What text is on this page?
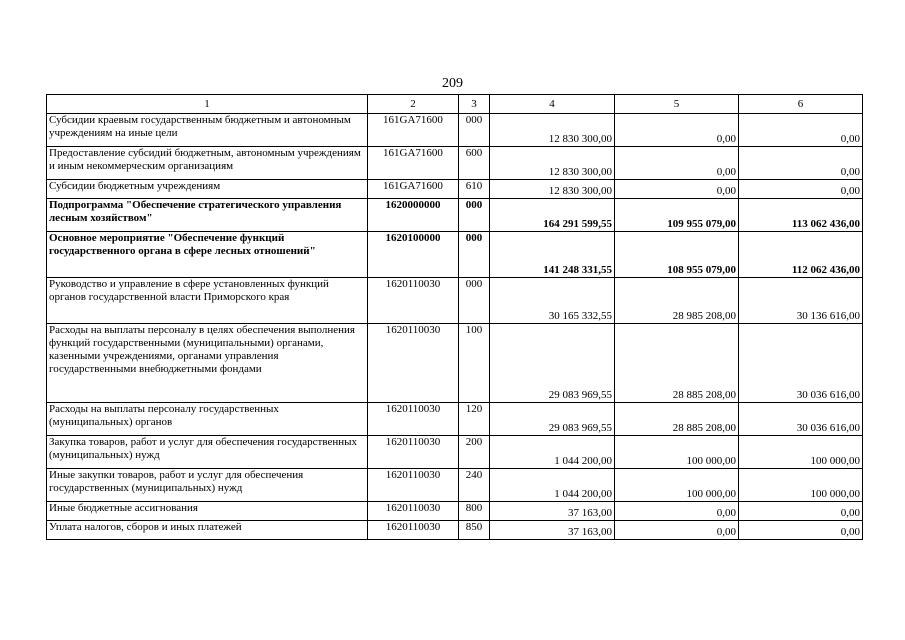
209
1	2	3	4	5	6
Субсидии краевым государственным бюджетным и автономным учреждениям на иные цели	161GA71600	000	12 830 300,00	0,00	0,00
Предоставление субсидий бюджетным, автономным учреждениям и иным некоммерческим организациям	161GA71600	600	12 830 300,00	0,00	0,00
Субсидии бюджетным учреждениям	161GA71600	610	12 830 300,00	0,00	0,00
Подпрограмма "Обеспечение стратегического управления лесным хозяйством"	1620000000	000	164 291 599,55	109 955 079,00	113 062 436,00
Основное мероприятие "Обеспечение функций государственного органа в сфере лесных отношений"	1620100000	000	141 248 331,55	108 955 079,00	112 062 436,00
Руководство и управление в сфере установленных функций органов государственной власти Приморского края	1620110030	000	30 165 332,55	28 985 208,00	30 136 616,00
Расходы на выплаты персоналу в целях обеспечения выполнения функций государственными (муниципальными) органами, казенными учреждениями, органами управления государственными внебюджетными фондами	1620110030	100	29 083 969,55	28 885 208,00	30 036 616,00
Расходы на выплаты персоналу государственных (муниципальных) органов	1620110030	120	29 083 969,55	28 885 208,00	30 036 616,00
Закупка товаров, работ и услуг для обеспечения государственных (муниципальных) нужд	1620110030	200	1 044 200,00	100 000,00	100 000,00
Иные закупки товаров, работ и услуг для обеспечения государственных (муниципальных) нужд	1620110030	240	1 044 200,00	100 000,00	100 000,00
Иные бюджетные ассигнования	1620110030	800	37 163,00	0,00	0,00
Уплата налогов, сборов и иных платежей	1620110030	850	37 163,00	0,00	0,00
